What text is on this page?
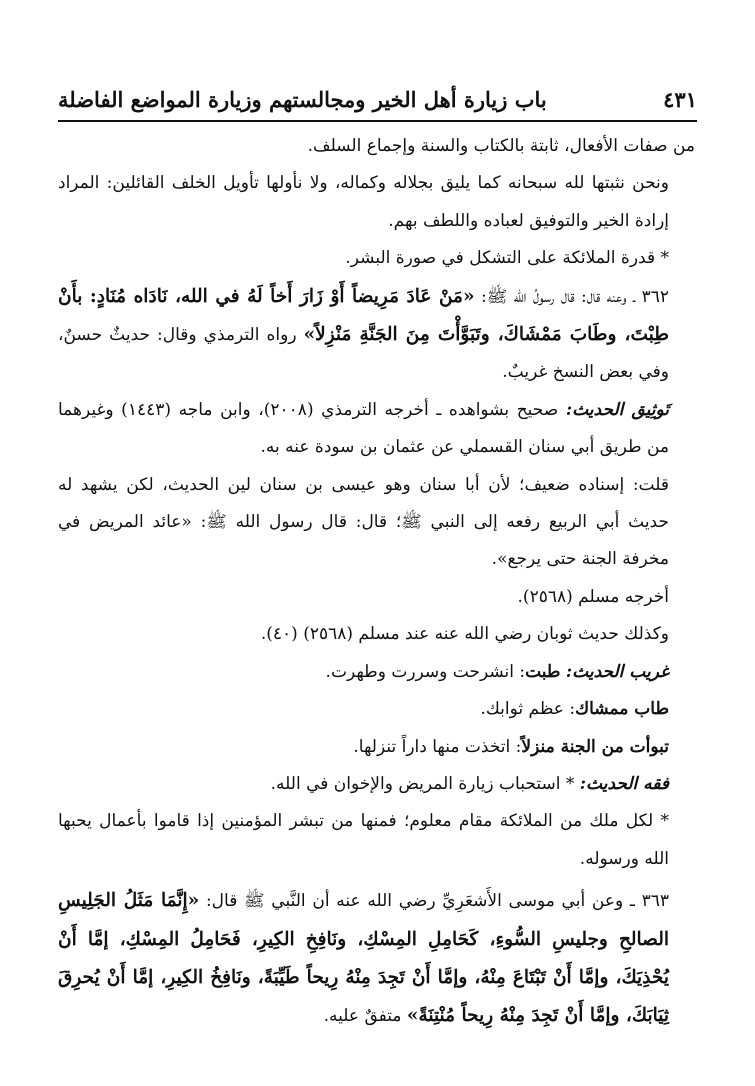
باب زيارة أهل الخير ومجالستهم وزيارة المواضع الفاضلة	٤٣١

من صفات الأفعال، ثابتة بالكتاب والسنة وإجماع السلف.

ونحن نثبتها لله سبحانه كما يليق بجلاله وكماله، ولا نأولها تأويل الخلف القائلين: المراد إرادة الخير والتوفيق لعباده واللطف بهم.

* قدرة الملائكة على التشكل في صورة البشر.

٣٦٢ ـ وعنه قال: قال رسولُ الله ﷺ: «مَنْ عَادَ مَرِيضاً أَوْ زَارَ أَخاً لَهُ في الله، نَادَاه مُنَادٍ: بأَنْ طِبْتَ، وطَابَ مَمْشَاكَ، وتَبَوَّأْتَ مِنَ الجَنَّةِ مَنْزِلاً» رواه الترمذي وقال: حديثٌ حسنٌ، وفي بعض النسخ غريبٌ.

تَوثِيق الحديث: صحيح بشواهده ـ أخرجه الترمذي (٢٠٠٨)، وابن ماجه (١٤٤٣) وغيرهما من طريق أبي سنان القسملي عن عثمان بن سودة عنه به.

قلت: إسناده ضعيف؛ لأن أبا سنان وهو عيسى بن سنان لين الحديث، لكن يشهد له حديث أبي الربيع رفعه إلى النبي ﷺ؛ قال: قال رسول الله ﷺ: «عائد المريض في مخرفة الجنة حتى يرجع».

أخرجه مسلم (٢٥٦٨).

وكذلك حديث ثوبان رضي الله عنه عند مسلم (٢٥٦٨) (٤٠).

غريب الحديث: طبت: انشرحت وسررت وطهرت.

طاب ممشاك: عظم ثوابك.

تبوأت من الجنة منزلاً: اتخذت منها داراً تنزلها.

فقه الحديث: * استحباب زيارة المريض والإخوان في الله.

* لكل ملك من الملائكة مقام معلوم؛ فمنها من تبشر المؤمنين إذا قاموا بأعمال يحبها الله ورسوله.

٣٦٣ ـ وعن أبي موسى الأَشعَرِيِّ رضي الله عنه أن النَّبي ﷺ قال: «إِنَّمَا مَثَلُ الجَلِيسِ الصالحِ وجليسِ السُّوءِ، كَحَامِلِ المِسْكِ، ونَافِخِ الكِيرِ، فَحَامِلُ المِسْكِ، إمَّا أَنْ يُحْذِيَكَ، وإمَّا أَنْ تَبْتَاعَ مِنْهُ، وإمَّا أَنْ تَجِدَ مِنْهُ رِيحاً طَيِّبَةً، ونَافِخُ الكِيرِ، إمَّا أَنْ يُحرِقَ ثِيَابَكَ، وإمَّا أَنْ تَجِدَ مِنْهُ رِيحاً مُنْتِنَةً» متفقٌ عليه.
